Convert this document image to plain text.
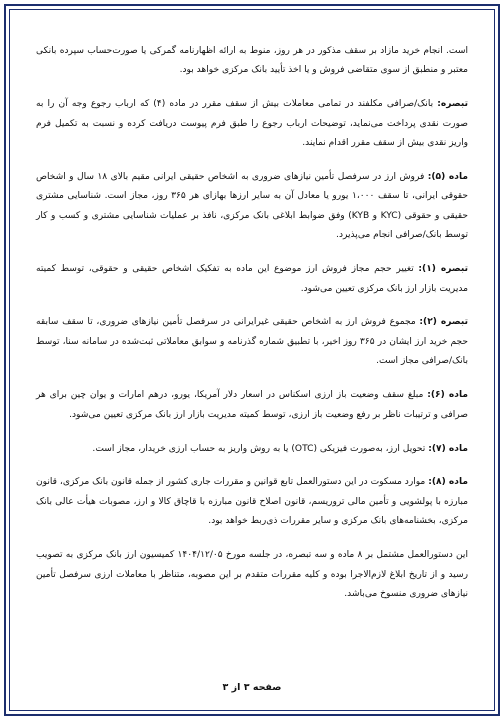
است. انجام خرید مازاد بر سقف مذکور در هر روز، منوط به ارائه اظهارنامه گمرکی یا صورت‌حساب سپرده بانکی معتبر و منطبق از سوی متقاضی فروش و یا اخذ تأیید بانک مرکزی خواهد بود.

تبصره: بانک/صرافی مکلفند در تمامی معاملات بیش از سقف مقرر در ماده (۴) که ارباب رجوع وجه آن را به صورت نقدی پرداخت می‌نماید، توضیحات ارباب رجوع را طبق فرم پیوست دریافت کرده و نسبت به تکمیل فرم واریز نقدی بیش از سقف مقرر اقدام نمایند.

ماده (۵): فروش ارز در سرفصل تأمین نیازهای ضروری به اشخاص حقیقی ایرانی مقیم بالای ۱۸ سال و اشخاص حقوقی ایرانی، تا سقف ۱،۰۰۰ یورو یا معادل آن به سایر ارزها بهازای هر ۳۶۵ روز، مجاز است. شناسایی مشتری حقیقی و حقوقی (KYC و KYB) وفق ضوابط ابلاغی بانک مرکزی، نافذ بر عملیات شناسایی مشتری و کسب و کار توسط بانک/صرافی انجام می‌پذیرد.

تبصره (۱): تغییر حجم مجاز فروش ارز موضوع این ماده به تفکیک اشخاص حقیقی و حقوقی، توسط کمیته مدیریت بازار ارز بانک مرکزی تعیین می‌شود.

تبصره (۲): مجموع فروش ارز به اشخاص حقیقی غیرایرانی در سرفصل تأمین نیازهای ضروری، تا سقف سابقه حجم خرید ارز ایشان در ۳۶۵ روز اخیر، با تطبیق شماره گذرنامه و سوابق معاملاتی ثبت‌شده در سامانه سنا، توسط بانک/صرافی مجاز است.

ماده (۶): مبلغ سقف وضعیت باز ارزی اسکناس در اسعار دلار آمریکا، یورو، درهم امارات و یوان چین برای هر صرافی و ترتیبات ناظر بر رفع وضعیت باز ارزی، توسط کمیته مدیریت بازار ارز بانک مرکزی تعیین می‌شود.

ماده (۷): تحویل ارز، به‌صورت فیزیکی (OTC) یا به روش واریز به حساب ارزی خریدار، مجاز است.

ماده (۸): موارد مسکوت در این دستورالعمل تابع قوانین و مقررات جاری کشور از جمله قانون بانک مرکزی، قانون مبارزه با پولشویی و تأمین مالی تروریسم، قانون اصلاح قانون مبارزه با قاچاق کالا و ارز، مصوبات هیأت عالی بانک مرکزی، بخشنامه‌های بانک مرکزی و سایر مقررات ذی‌ربط خواهد بود.

این دستورالعمل مشتمل بر ۸ ماده و سه تبصره، در جلسه مورخ ۱۴۰۴/۱۲/۰۵ کمیسیون ارز بانک مرکزی به تصویب رسید و از تاریخ ابلاغ لازم‌الاجرا بوده و کلیه مقررات متقدم بر این مصوبه، متناظر با معاملات ارزی سرفصل تأمین نیازهای ضروری منسوخ می‌باشد.

صفحه ۳ از ۳
